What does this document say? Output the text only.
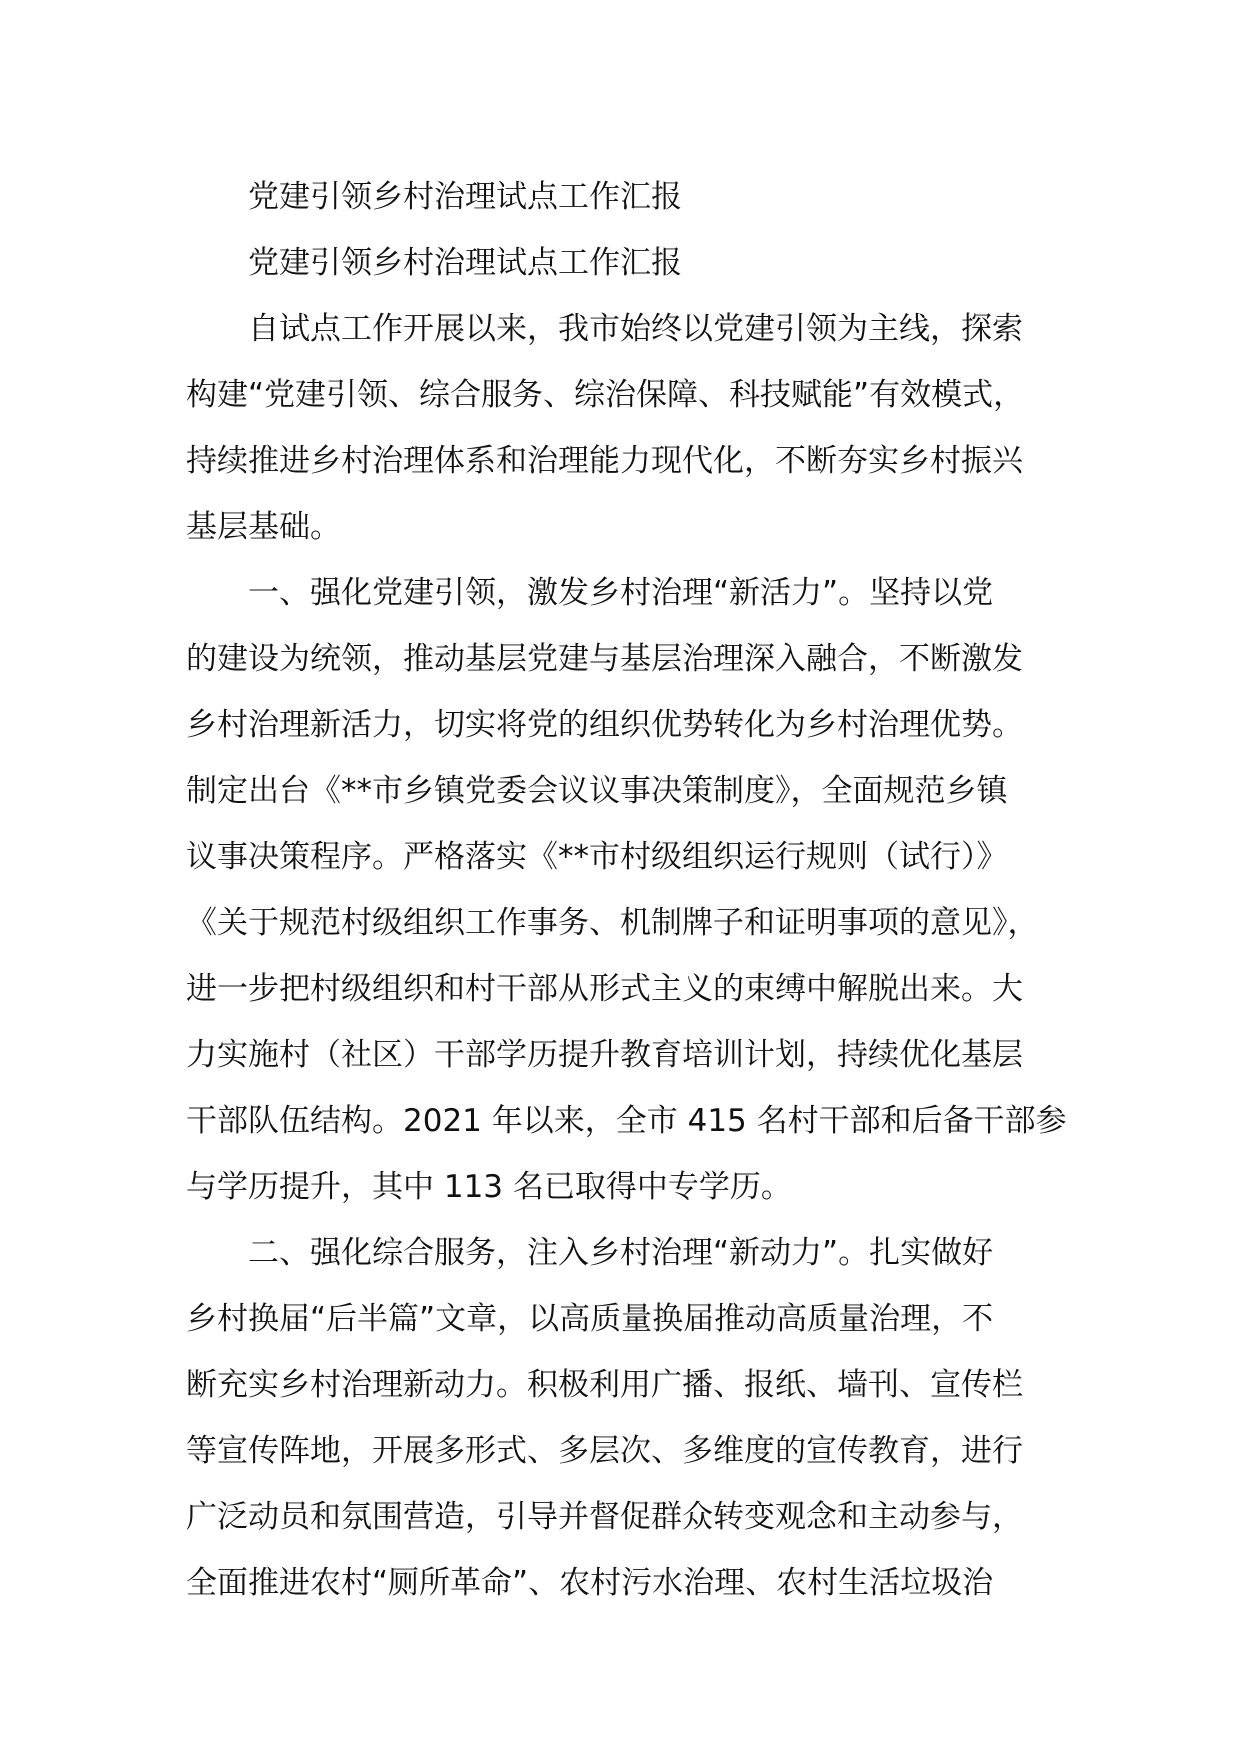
党建引领乡村治理试点工作汇报
党建引领乡村治理试点工作汇报
自试点工作开展以来，我市始终以党建引领为主线，探索
构建“党建引领、综合服务、综治保障、科技赋能”有效模式，
持续推进乡村治理体系和治理能力现代化，不断夯实乡村振兴
基层基础。
一、强化党建引领，激发乡村治理“新活力”。坚持以党
的建设为统领，推动基层党建与基层治理深入融合，不断激发
乡村治理新活力，切实将党的组织优势转化为乡村治理优势。
制定出台《**市乡镇党委会议议事决策制度》，全面规范乡镇
议事决策程序。严格落实《**市村级组织运行规则（试行）》
《关于规范村级组织工作事务、机制牌子和证明事项的意见》，
进一步把村级组织和村干部从形式主义的束缚中解脱出来。大
力实施村（社区）干部学历提升教育培训计划，持续优化基层
干部队伍结构。2021 年以来，全市 415 名村干部和后备干部参
与学历提升，其中 113 名已取得中专学历。
二、强化综合服务，注入乡村治理“新动力”。扎实做好
乡村换届“后半篇”文章，以高质量换届推动高质量治理，不
断充实乡村治理新动力。积极利用广播、报纸、墙刊、宣传栏
等宣传阵地，开展多形式、多层次、多维度的宣传教育，进行
广泛动员和氛围营造，引导并督促群众转变观念和主动参与，
全面推进农村“厕所革命”、农村污水治理、农村生活垃圾治
